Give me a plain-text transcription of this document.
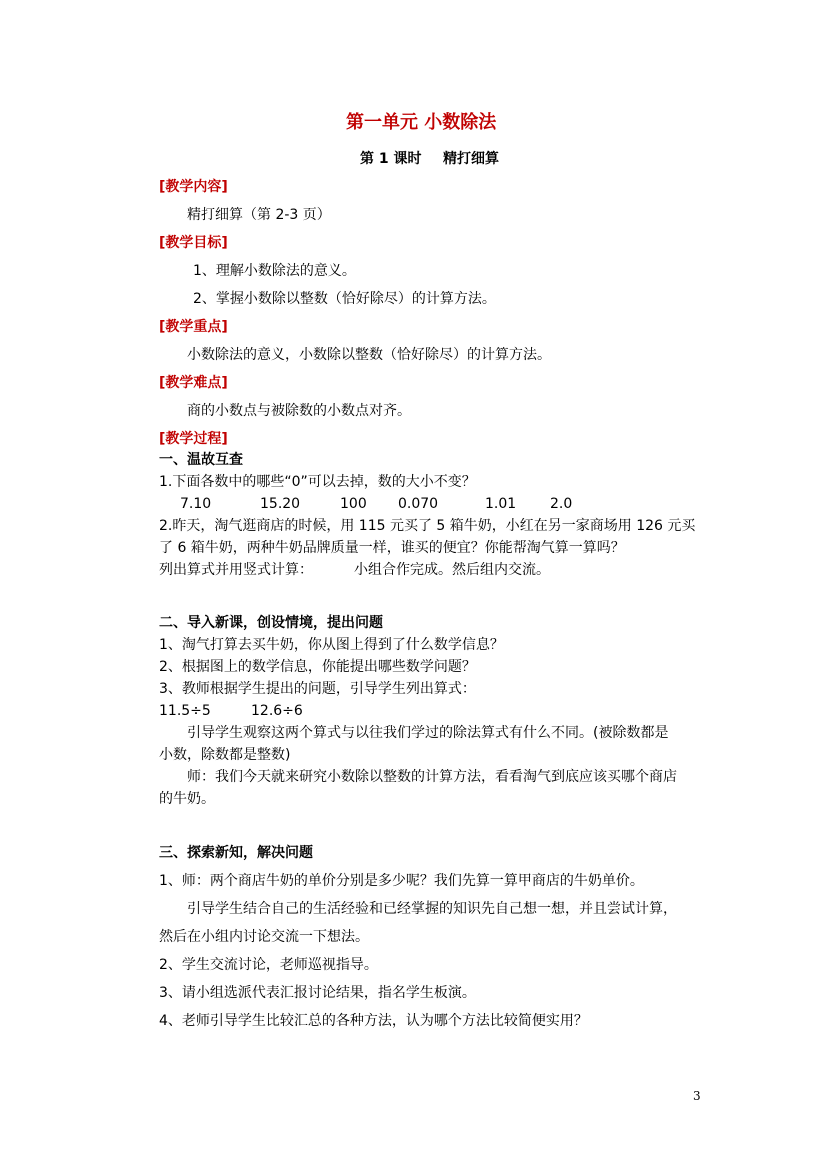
第一单元 小数除法
第 1 课时 精打细算
[教学内容]
精打细算（第 2-3 页）
[教学目标]
1、理解小数除法的意义。
2、掌握小数除以整数（恰好除尽）的计算方法。
[教学重点]
小数除法的意义，小数除以整数（恰好除尽）的计算方法。
[教学难点]
商的小数点与被除数的小数点对齐。
[教学过程]
一、温故互查
1.下面各数中的哪些“0”可以去掉，数的大小不变？
7.10	15.20	100 0.070	1.01 2.0
2.昨天，淘气逛商店的时候，用 115 元买了 5 箱牛奶，小红在另一家商场用 126 元买
了 6 箱牛奶，两种牛奶品牌质量一样，谁买的便宜？你能帮淘气算一算吗？
列出算式并用竖式计算：	小组合作完成。然后组内交流。
二、导入新课，创设情境，提出问题
1、淘气打算去买牛奶，你从图上得到了什么数学信息？
2、根据图上的数学信息，你能提出哪些数学问题？
3、教师根据学生提出的问题，引导学生列出算式：
11.5÷5	12.6÷6
引导学生观察这两个算式与以往我们学过的除法算式有什么不同。(被除数都是
小数，除数都是整数)
师：我们今天就来研究小数除以整数的计算方法，看看淘气到底应该买哪个商店
的牛奶。
三、探索新知，解决问题
1、师：两个商店牛奶的单价分别是多少呢？我们先算一算甲商店的牛奶单价。
引导学生结合自己的生活经验和已经掌握的知识先自己想一想，并且尝试计算，
然后在小组内讨论交流一下想法。
2、学生交流讨论，老师巡视指导。
3、请小组选派代表汇报讨论结果，指名学生板演。
4、老师引导学生比较汇总的各种方法，认为哪个方法比较简便实用？
3
